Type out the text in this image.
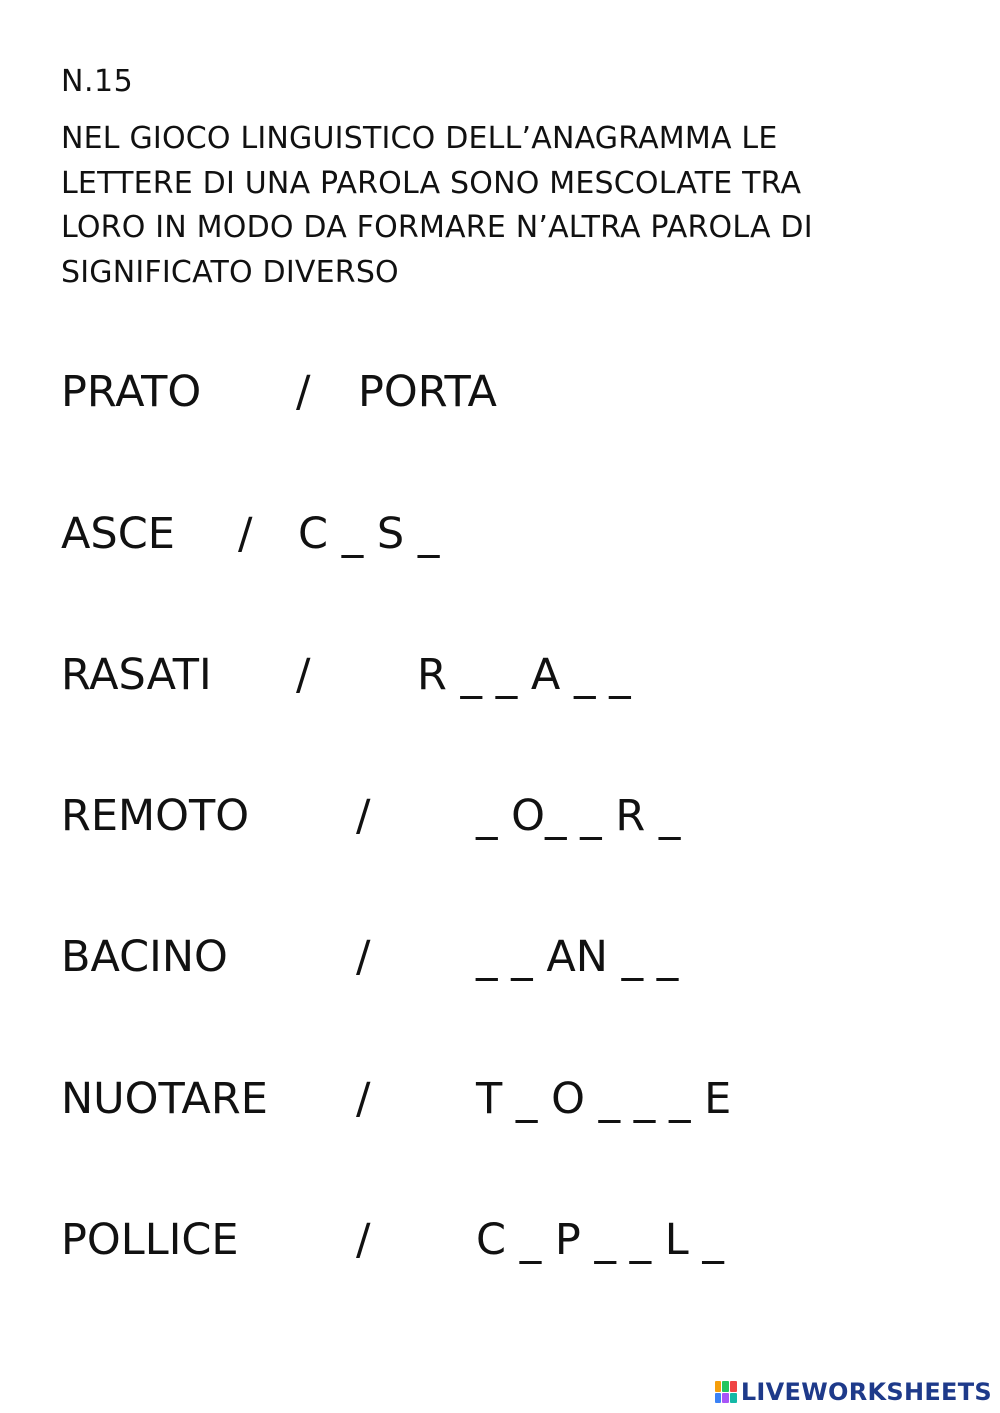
N.15
NEL GIOCO LINGUISTICO DELL’ANAGRAMMA LE
LETTERE DI UNA PAROLA SONO MESCOLATE TRA
LORO IN MODO DA FORMARE N’ALTRA PAROLA DI
SIGNIFICATO DIVERSO
PRATO / PORTA
ASCE / C _ S _
RASATI / R _ _ A _ _
REMOTO / _ O_ _ R _
BACINO	/ _ _ AN _ _
NUOTARE / T _ O _ _ _ E
POLLICE	/ C _ P _ _ L _
LIVEWORKSHEETS
